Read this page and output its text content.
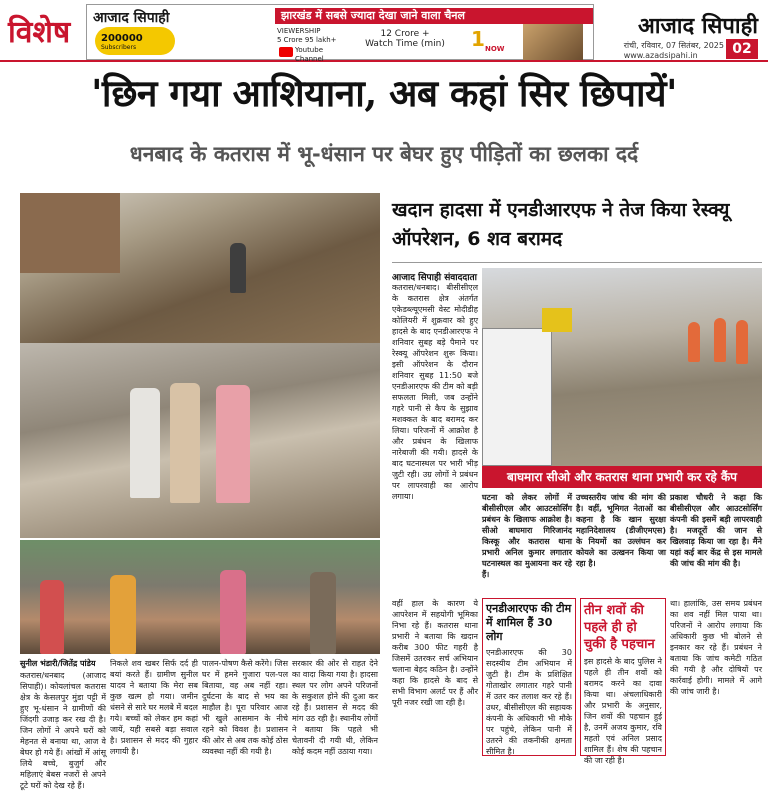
विशेष आजाद सिपाही
200000
Subscribers
झारखंड में सबसे ज्यादा देखा जाने वाला चैनल
VIEWERSHIP
5 Crore 95 lakh+
Youtube
Channel
12 Crore +
Watch Time (min)	1 NOW
आजाद सिपाही
रांची, रविवार, 07 सितंबर, 2025
www.azadsipahi.in	02
'छिन गया आशियाना, अब कहां सिर छिपायें'
धनबाद के कतरास में भू-धंसान पर बेघर हुए पीड़ितों का छलका दर्द
खदान हादसा में एनडीआरएफ ने तेज किया रेस्क्यू ऑपरेशन, 6 शव बरामद
आजाद सिपाही संवाददाता
कतरास/धनबाद। बीसीसीएल के कतरास क्षेत्र अंतर्गत एकेडब्ल्यूएमसी वेस्ट मोदीडीह कोलियरी में शुक्रवार को हुए हादसे के बाद एनडीआरएफ ने शनिवार सुबह बड़े पैमाने पर रेस्क्यू ऑपरेशन शुरू किया। इसी ऑपरेशन के दौरान शनिवार सुबह 11:50 बजे एनडीआरएफ की टीम को बड़ी सफलता मिली, जब उन्होंने गहरे पानी से कैप के सुझाव मशक्कत के बाद बरामद कर लिया। परिजनों में आक्रोश है और प्रबंधन के खिलाफ नारेबाजी की गयी। हादसे के बाद घटनास्थल पर भारी भीड़ जुटी रही। उग्र लोगों ने प्रबंधन पर लापरवाही का आरोप लगाया।
बाघमारा सीओ और कतरास थाना प्रभारी कर रहे कैंप
घटना को लेकर लोगों में बीसीसीएल और आउटसोर्सिंग प्रबंधन के खिलाफ आक्रोश है। सीओ बाघमारा गिरिजानंद किस्कू और कतरास थाना प्रभारी अनिल कुमार लगातार घटनास्थल का मुआयना कर रहे हैं।
उच्चस्तरीय जांच की मांग की है। वहीं, भूमिगत नेताओं का कहना है कि खान सुरक्षा महानिदेशालय (डीजीएमएस) के नियमों का उल्लंघन कर कोयले का उत्खनन किया जा रहा है।
प्रकाश चौधरी ने कहा कि बीसीसीएल और आउटसोर्सिंग कंपनी की इसमें बड़ी लापरवाही है। मजदूरों की जान से खिलवाड़ किया जा रहा है। मैंने यहां कई बार केंद्र से इस मामले की जांच की मांग की है।
सुनील भंडारी/जितेंद्र पांडेय
कतरास/धनबाद (आजाद सिपाही)। कोयलांचल कतरास क्षेत्र के केसलपुर मुंडा पट्टी में हुए भू-धंसान ने ग्रामीणों की जिंदगी उजाड़ कर रख दी है। जिन लोगों ने अपने घरों को मेहनत से बनाया था, आज वे बेघर हो गये हैं। आंखों में आंसू लिये बच्चे, बुजुर्ग और महिलाएं बेबस नजरों से अपने टूटे घरों को देख रहे हैं।
निकले शव खबर सिर्फ दर्द ही बयां करते हैं। ग्रामीण सुनील यादव ने बताया कि मेरा सब कुछ खत्म हो गया। जमीन धंसने से सारे घर मलबे में बदल गये। बच्चों को लेकर हम कहां जायें, यही सबसे बड़ा सवाल है। प्रशासन से मदद की गुहार लगायी है।
पालन-पोषण कैसे करेंगे। जिस घर में हमने गुजारा पल-पल बिताया, वह अब नहीं रहा। दुर्घटना के बाद से भय का माहौल है। पूरा परिवार आज भी खुले आसमान के नीचे रहने को विवश है। प्रशासन की ओर से अब तक कोई ठोस व्यवस्था नहीं की गयी है।
सरकार की ओर से राहत देने का वादा किया गया है। हादसा स्थल पर लोग अपने परिजनों के सकुशल होने की दुआ कर रहे हैं। प्रशासन से मदद की मांग उठ रही है। स्थानीय लोगों ने बताया कि पहले भी चेतावनी दी गयी थी, लेकिन कोई कदम नहीं उठाया गया।
वहीं हाल के कारण ये आपरेशन में सहयोगी भूमिका निभा रहे हैं। कतरास थाना प्रभारी ने बताया कि खदान करीब 300 फीट गहरी है जिसमें उतरकर सर्च अभियान चलाना बेहद कठिन है। उन्होंने कहा कि हादसे के बाद से सभी विभाग अलर्ट पर हैं और पूरी नजर रखी जा रही है।
एनडीआरएफ की टीम में शामिल हैं 30 लोग
एनडीआरएफ की 30 सदस्यीय टीम अभियान में जुटी है। टीम के प्रशिक्षित गोताखोर लगातार गहरे पानी में उतर कर तलाश कर रहे हैं। उधर, बीसीसीएल की सहायक कंपनी के अधिकारी भी मौके पर पहुंचे, लेकिन पानी में उतरने की तकनीकी क्षमता सीमित है।
तीन शवों की पहले ही हो चुकी है पहचान
इस हादसे के बाद पुलिस ने पहले ही तीन शवों को बरामद करने का दावा किया था। अंचलाधिकारी और प्रभारी के अनुसार, जिन शवों की पहचान हुई है, उनमें अजय कुमार, रवि महतो एवं अनिल प्रसाद शामिल हैं। शेष की पहचान की जा रही है।
था। हालांकि, उस समय प्रबंधन का शव नहीं मिल पाया था। परिजनों ने आरोप लगाया कि अधिकारी कुछ भी बोलने से इनकार कर रहे हैं। प्रबंधन ने बताया कि जांच कमेटी गठित की गयी है और दोषियों पर कार्रवाई होगी। मामले में आगे की जांच जारी है।
